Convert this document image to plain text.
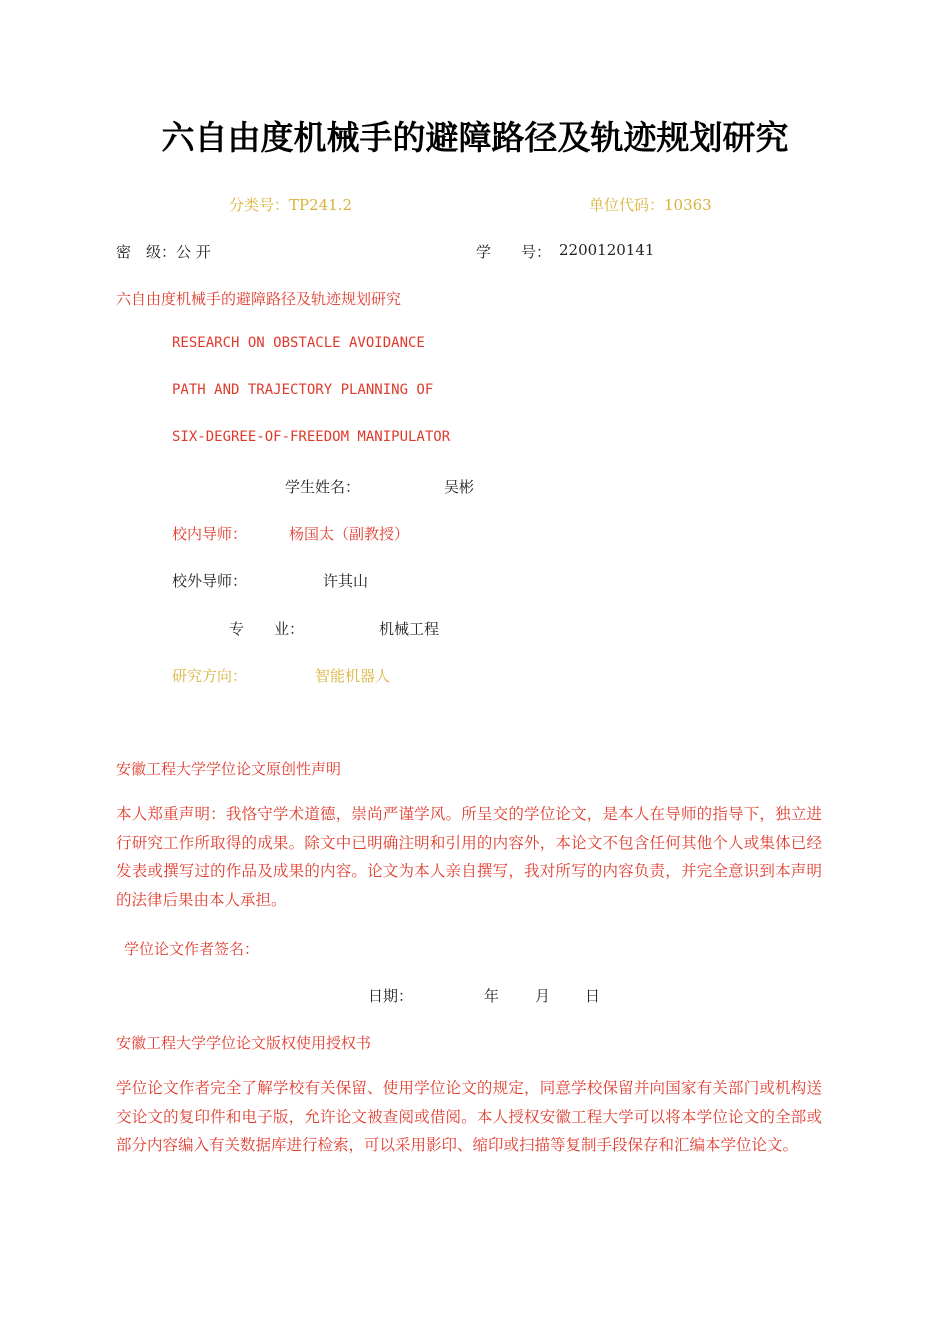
六自由度机械手的避障路径及轨迹规划研究
分类号：TP241.2	单位代码：10363
密　级：公 开	学　　号： 2200120141
六自由度机械手的避障路径及轨迹规划研究
RESEARCH ON OBSTACLE AVOIDANCE
PATH AND TRAJECTORY PLANNING OF
SIX-DEGREE-OF-FREEDOM MANIPULATOR
学生姓名：	吴彬
校内导师：	杨国太（副教授）
校外导师：	许其山
专　　业：	机械工程
研究方向：	智能机器人
安徽工程大学学位论文原创性声明
本人郑重声明：我恪守学术道德，崇尚严谨学风。所呈交的学位论文，是本人在导师的指导下，独立进行研究工作所取得的成果。除文中已明确注明和引用的内容外，本论文不包含任何其他个人或集体已经发表或撰写过的作品及成果的内容。论文为本人亲自撰写，我对所写的内容负责，并完全意识到本声明的法律后果由本人承担。
学位论文作者签名：
日期：	年 月 日
安徽工程大学学位论文版权使用授权书
学位论文作者完全了解学校有关保留、使用学位论文的规定，同意学校保留并向国家有关部门或机构送交论文的复印件和电子版，允许论文被查阅或借阅。本人授权安徽工程大学可以将本学位论文的全部或部分内容编入有关数据库进行检索，可以采用影印、缩印或扫描等复制手段保存和汇编本学位论文。
